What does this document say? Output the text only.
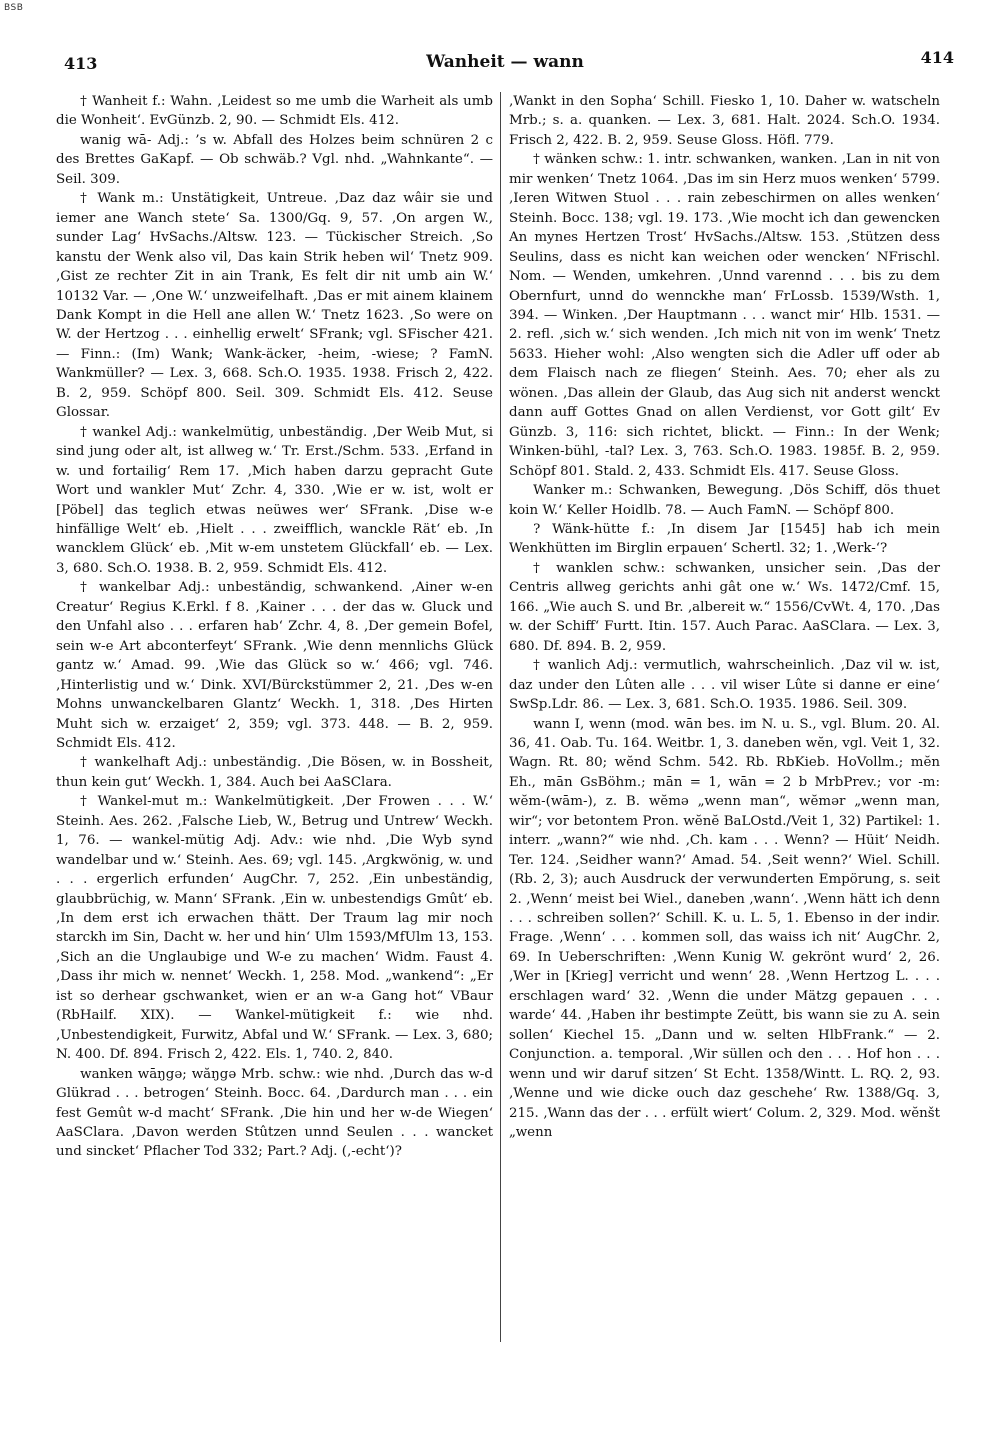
BSB
413	Wanheit — wann	414

† Wanheit f.: Wahn. ‚Leidest so me umb die Warheit als umb die Wonheit‘. EvGünzb. 2, 90. — Schmidt Els. 412.

wanig wā- Adj.: ’s w. Abfall des Holzes beim schnüren 2 c des Brettes GaKapf. — Ob schwäb.? Vgl. nhd. „Wahnkante“. — Seil. 309.

† Wank m.: Unstätigkeit, Untreue. ‚Daz daz wâir sie und iemer ane Wanch stete‘ Sa. 1300/Gq. 9, 57. ‚On argen W., sunder Lag‘ HvSachs./Altsw. 123. — Tückischer Streich. ‚So kanstu der Wenk also vil, Das kain Strik heben wil‘ Tnetz 909. ‚Gist ze rechter Zit in ain Trank, Es felt dir nit umb ain W.‘ 10132 Var. — ‚One W.‘ unzweifelhaft. ‚Das er mit ainem klainem Dank Kompt in die Hell ane allen W.‘ Tnetz 1623. ‚So were on W. der Hertzog . . . einhellig erwelt‘ SFrank; vgl. SFischer 421. — Finn.: (Im) Wank; Wank-äcker, -heim, -wiese; ? FamN. Wankmüller? — Lex. 3, 668. Sch.O. 1935. 1938. Frisch 2, 422. B. 2, 959. Schöpf 800. Seil. 309. Schmidt Els. 412. Seuse Glossar.

† wankel Adj.: wankelmütig, unbeständig. ‚Der Weib Mut, si sind jung oder alt, ist allweg w.‘ Tr. Erst./Schm. 533. ‚Erfand in w. und fortailig‘ Rem 17. ‚Mich haben darzu gepracht Gute Wort und wankler Mut‘ Zchr. 4, 330. ‚Wie er w. ist, wolt er [Pöbel] das teglich etwas neüwes wer‘ SFrank. ‚Dise w-e hinfällige Welt‘ eb. ‚Hielt . . . zweifflich, wanckle Rät‘ eb. ‚In wancklem Glück‘ eb. ‚Mit w-em unstetem Glückfall‘ eb. — Lex. 3, 680. Sch.O. 1938. B. 2, 959. Schmidt Els. 412.

† wankelbar Adj.: unbeständig, schwankend. ‚Ainer w-en Creatur‘ Regius K.Erkl. f 8. ‚Kainer . . . der das w. Gluck und den Unfahl also . . . erfaren hab‘ Zchr. 4, 8. ‚Der gemein Bofel, sein w-e Art abconterfeyt‘ SFrank. ‚Wie denn mennlichs Glück gantz w.‘ Amad. 99. ‚Wie das Glück so w.‘ 466; vgl. 746. ‚Hinterlistig und w.‘ Dink. XVI/Bürckstümmer 2, 21. ‚Des w-en Mohns unwanckelbaren Glantz‘ Weckh. 1, 318. ‚Des Hirten Muht sich w. erzaiget‘ 2, 359; vgl. 373. 448. — B. 2, 959. Schmidt Els. 412.

† wankelhaft Adj.: unbeständig. ‚Die Bösen, w. in Bossheit, thun kein gut‘ Weckh. 1, 384. Auch bei AaSClara.

† Wankel-mut m.: Wankelmütigkeit. ‚Der Frowen . . . W.‘ Steinh. Aes. 262. ‚Falsche Lieb, W., Betrug und Untrew‘ Weckh. 1, 76. — wankel-mütig Adj. Adv.: wie nhd. ‚Die Wyb synd wandelbar und w.‘ Steinh. Aes. 69; vgl. 145. ‚Argkwönig, w. und . . . ergerlich erfunden‘ AugChr. 7, 252. ‚Ein unbeständig, glaubbrüchig, w. Mann‘ SFrank. ‚Ein w. unbestendigs Gmût‘ eb. ‚In dem erst ich erwachen thätt. Der Traum lag mir noch starckh im Sin, Dacht w. her und hin‘ Ulm 1593/MfUlm 13, 153. ‚Sich an die Unglaubige und W-e zu machen‘ Widm. Faust 4. ‚Dass ihr mich w. nennet‘ Weckh. 1, 258. Mod. „wankend“: „Er ist so derhear gschwanket, wien er an w-a Gang hot“ VBaur (RbHailf. XIX). — Wankel-mütigkeit f.: wie nhd. ‚Unbestendigkeit, Furwitz, Abfal und W.‘ SFrank. — Lex. 3, 680; N. 400. Df. 894. Frisch 2, 422. Els. 1, 740. 2, 840.

wanken wāŋgə; wăŋgə Mrb. schw.: wie nhd. ‚Durch das w-d Glükrad . . . betrogen‘ Steinh. Bocc. 64. ‚Dardurch man . . . ein fest Gemût w-d macht‘ SFrank. ‚Die hin und her w-de Wiegen‘ AaSClara. ‚Davon werden Stûtzen unnd Seulen . . . wancket und sincket‘ Pflacher Tod 332; Part.? Adj. (‚-echt‘)?

‚Wankt in den Sopha‘ Schill. Fiesko 1, 10. Daher w. watscheln Mrb.; s. a. quanken. — Lex. 3, 681. Halt. 2024. Sch.O. 1934. Frisch 2, 422. B. 2, 959. Seuse Gloss. Höfl. 779.

† wänken schw.: 1. intr. schwanken, wanken. ‚Lan in nit von mir wenken‘ Tnetz 1064. ‚Das im sin Herz muos wenken‘ 5799. ‚Ieren Witwen Stuol . . . rain zebeschirmen on alles wenken‘ Steinh. Bocc. 138; vgl. 19. 173. ‚Wie mocht ich dan gewencken An mynes Hertzen Trost‘ HvSachs./Altsw. 153. ‚Stützen dess Seulins, dass es nicht kan weichen oder wencken‘ NFrischl. Nom. — Wenden, umkehren. ‚Unnd varennd . . . bis zu dem Obernfurt, unnd do wennckhe man‘ FrLossb. 1539/Wsth. 1, 394. — Winken. ‚Der Hauptmann . . . wanct mir‘ Hlb. 1531. — 2. refl. ‚sich w.‘ sich wenden. ‚Ich mich nit von im wenk‘ Tnetz 5633. Hieher wohl: ‚Also wengten sich die Adler uff oder ab dem Flaisch nach ze fliegen‘ Steinh. Aes. 70; eher als zu wönen. ‚Das allein der Glaub, das Aug sich nit anderst wenckt dann auff Gottes Gnad on allen Verdienst, vor Gott gilt‘ Ev Günzb. 3, 116: sich richtet, blickt. — Finn.: In der Wenk; Winken-bühl, -tal? Lex. 3, 763. Sch.O. 1983. 1985f. B. 2, 959. Schöpf 801. Stald. 2, 433. Schmidt Els. 417. Seuse Gloss.

Wanker m.: Schwanken, Bewegung. ‚Dös Schiff, dös thuet koin W.‘ Keller Hoidlb. 78. — Auch FamN. — Schöpf 800.

? Wänk-hütte f.: ‚In disem Jar [1545] hab ich mein Wenkhütten im Birglin erpauen‘ Schertl. 32; 1. ‚Werk-‘?

† wanklen schw.: schwanken, unsicher sein. ‚Das der Centris allweg gerichts anhi gât one w.‘ Ws. 1472/Cmf. 15, 166. „Wie auch S. und Br. ‚albereit w.“ 1556/CvWt. 4, 170. ‚Das w. der Schiff‘ Furtt. Itin. 157. Auch Parac. AaSClara. — Lex. 3, 680. Df. 894. B. 2, 959.

† wanlich Adj.: vermutlich, wahrscheinlich. ‚Daz vil w. ist, daz under den Lûten alle . . . vil wiser Lûte si danne er eine‘ SwSp.Ldr. 86. — Lex. 3, 681. Sch.O. 1935. 1986. Seil. 309.

wann I, wenn (mod. wān bes. im N. u. S., vgl. Blum. 20. Al. 36, 41. Oab. Tu. 164. Weitbr. 1, 3. daneben wĕn, vgl. Veit 1, 32. Wagn. Rt. 80; wĕnd Schm. 542. Rb. RbKieb. HoVollm.; mĕn Eh., mān GsBöhm.; mān = 1, wān = 2 b MrbPrev.; vor -m: wĕm-(wām-), z. B. wĕmə „wenn man“, wĕmər „wenn man, wir“; vor betontem Pron. wĕnĕ BaLOstd./Veit 1, 32) Partikel: 1. interr. „wann?“ wie nhd. ‚Ch. kam . . . Wenn? — Hüit‘ Neidh. Ter. 124. ‚Seidher wann?‘ Amad. 54. ‚Seit wenn?‘ Wiel. Schill. (Rb. 2, 3); auch Ausdruck der verwunderten Empörung, s. seit 2. ‚Wenn‘ meist bei Wiel., daneben ‚wann‘. ‚Wenn hätt ich denn . . . schreiben sollen?‘ Schill. K. u. L. 5, 1. Ebenso in der indir. Frage. ‚Wenn‘ . . . kommen soll, das waiss ich nit‘ AugChr. 2, 69. In Ueberschriften: ‚Wenn Kunig W. gekrönt wurd‘ 2, 26. ‚Wer in [Krieg] verricht und wenn‘ 28. ‚Wenn Hertzog L. . . . erschlagen ward‘ 32. ‚Wenn die under Mätzg gepauen . . . warde‘ 44. ‚Haben ihr bestimpte Zeütt, bis wann sie zu A. sein sollen‘ Kiechel 15. „Dann und w. selten HlbFrank.“ — 2. Conjunction. a. temporal. ‚Wir süllen och den . . . Hof hon . . . wenn und wir daruf sitzen‘ St Echt. 1358/Wintt. L. RQ. 2, 93. ‚Wenne und wie dicke ouch daz geschehe‘ Rw. 1388/Gq. 3, 215. ‚Wann das der . . . erfült wiert‘ Colum. 2, 329. Mod. wĕnšt „wenn
